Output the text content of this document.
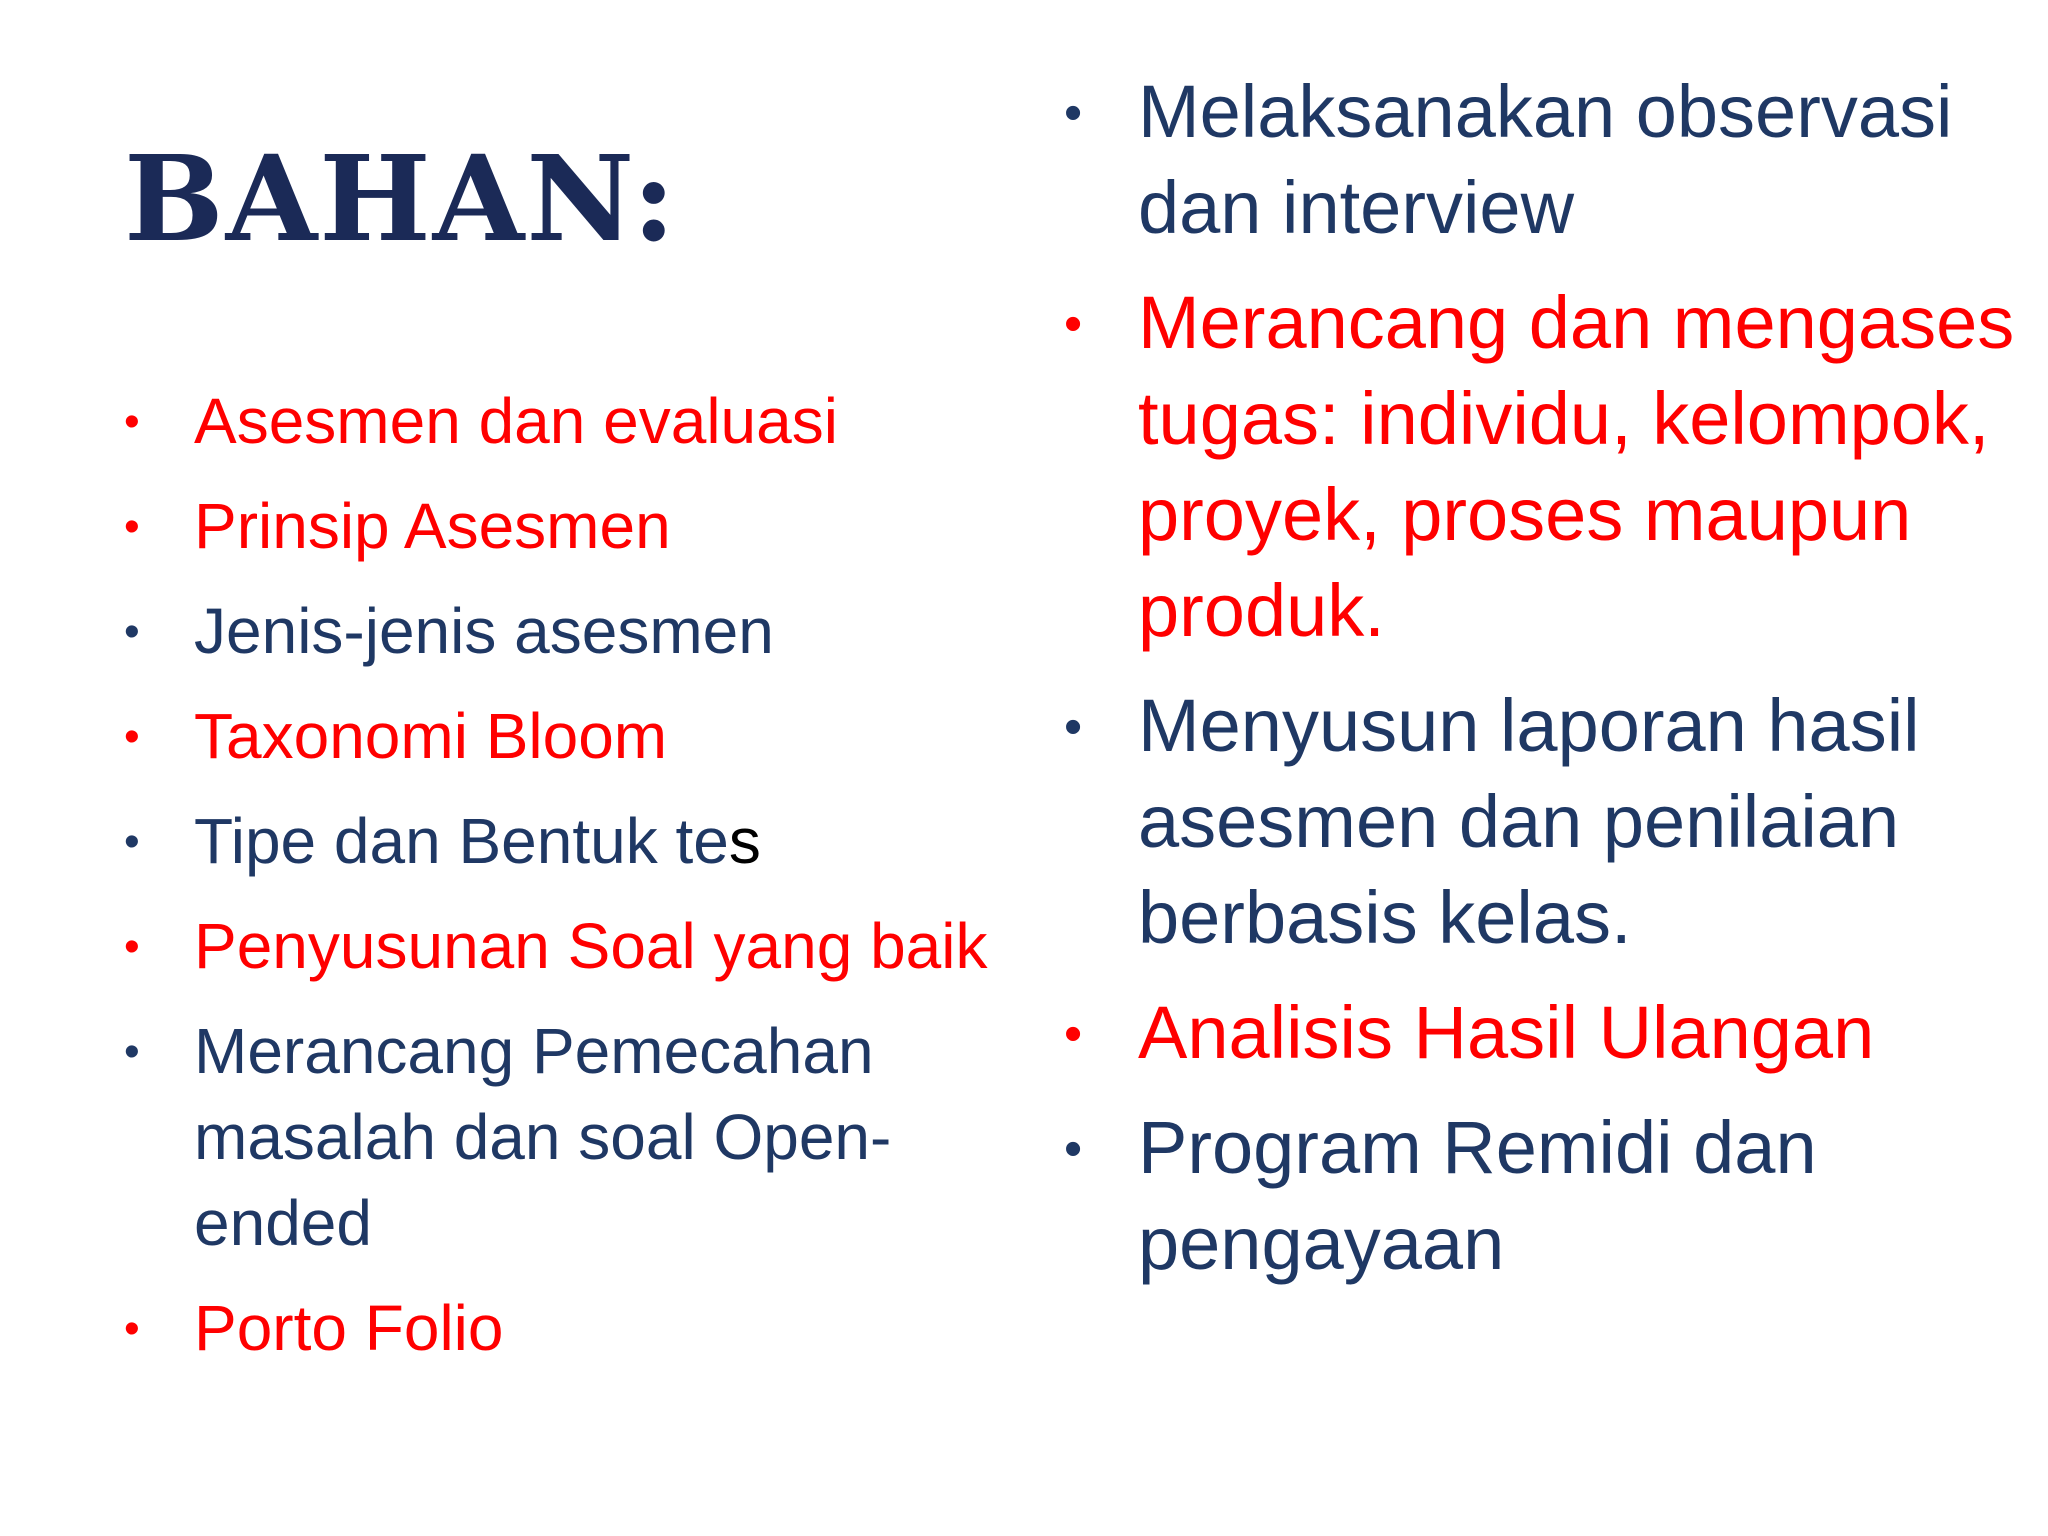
BAHAN:
• Asesmen dan evaluasi
• Prinsip Asesmen
• Jenis-jenis asesmen
• Taxonomi Bloom
• Tipe dan Bentuk tes
• Penyusunan Soal yang baik
• Merancang Pemecahan masalah dan soal Open-ended
• Porto Folio
• Melaksanakan observasi dan interview
• Merancang dan mengases tugas: individu, kelompok, proyek, proses maupun produk.
• Menyusun laporan hasil asesmen dan penilaian berbasis kelas.
• Analisis Hasil Ulangan
• Program Remidi dan pengayaan
